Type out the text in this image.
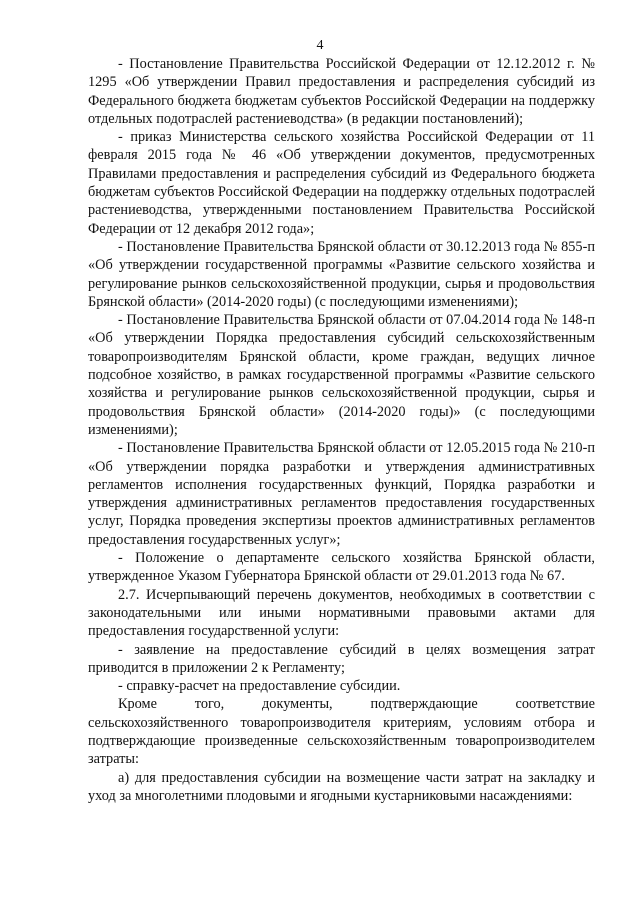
4

- Постановление Правительства Российской Федерации от 12.12.2012 г. № 1295 «Об утверждении Правил предоставления и распределения субсидий из Федерального бюджета бюджетам субъектов Российской Федерации на поддержку отдельных подотраслей растениеводства» (в редакции постановлений);

- приказ Министерства сельского хозяйства Российской Федерации от 11 февраля 2015 года № 46 «Об утверждении документов, предусмотренных Правилами предоставления и распределения субсидий из Федерального бюджета бюджетам субъектов Российской Федерации на поддержку отдельных подотраслей растениеводства, утвержденными постановлением Правительства Российской Федерации от 12 декабря 2012 года»;

- Постановление Правительства Брянской области от 30.12.2013 года № 855-п «Об утверждении государственной программы «Развитие сельского хозяйства и регулирование рынков сельскохозяйственной продукции, сырья и продовольствия Брянской области» (2014-2020 годы) (с последующими изменениями);

- Постановление Правительства Брянской области от 07.04.2014 года № 148-п «Об утверждении Порядка предоставления субсидий сельскохозяйственным товаропроизводителям Брянской области, кроме граждан, ведущих личное подсобное хозяйство, в рамках государственной программы «Развитие сельского хозяйства и регулирование рынков сельскохозяйственной продукции, сырья и продовольствия Брянской области» (2014-2020 годы)» (с последующими изменениями);

- Постановление Правительства Брянской области от 12.05.2015 года № 210-п «Об утверждении порядка разработки и утверждения административных регламентов исполнения государственных функций, Порядка разработки и утверждения административных регламентов предоставления государственных услуг, Порядка проведения экспертизы проектов административных регламентов предоставления государственных услуг»;

- Положение о департаменте сельского хозяйства Брянской области, утвержденное Указом Губернатора Брянской области от 29.01.2013 года № 67.

2.7. Исчерпывающий перечень документов, необходимых в соответствии с законодательными или иными нормативными правовыми актами для предоставления государственной услуги:

- заявление на предоставление субсидий в целях возмещения затрат приводится в приложении 2 к Регламенту;

- справку-расчет на предоставление субсидии.

Кроме того, документы, подтверждающие соответствие сельскохозяйственного товаропроизводителя критериям, условиям отбора и подтверждающие произведенные сельскохозяйственным товаропроизводителем затраты:

а) для предоставления субсидии на возмещение части затрат на закладку и уход за многолетними плодовыми и ягодными кустарниковыми насаждениями:
